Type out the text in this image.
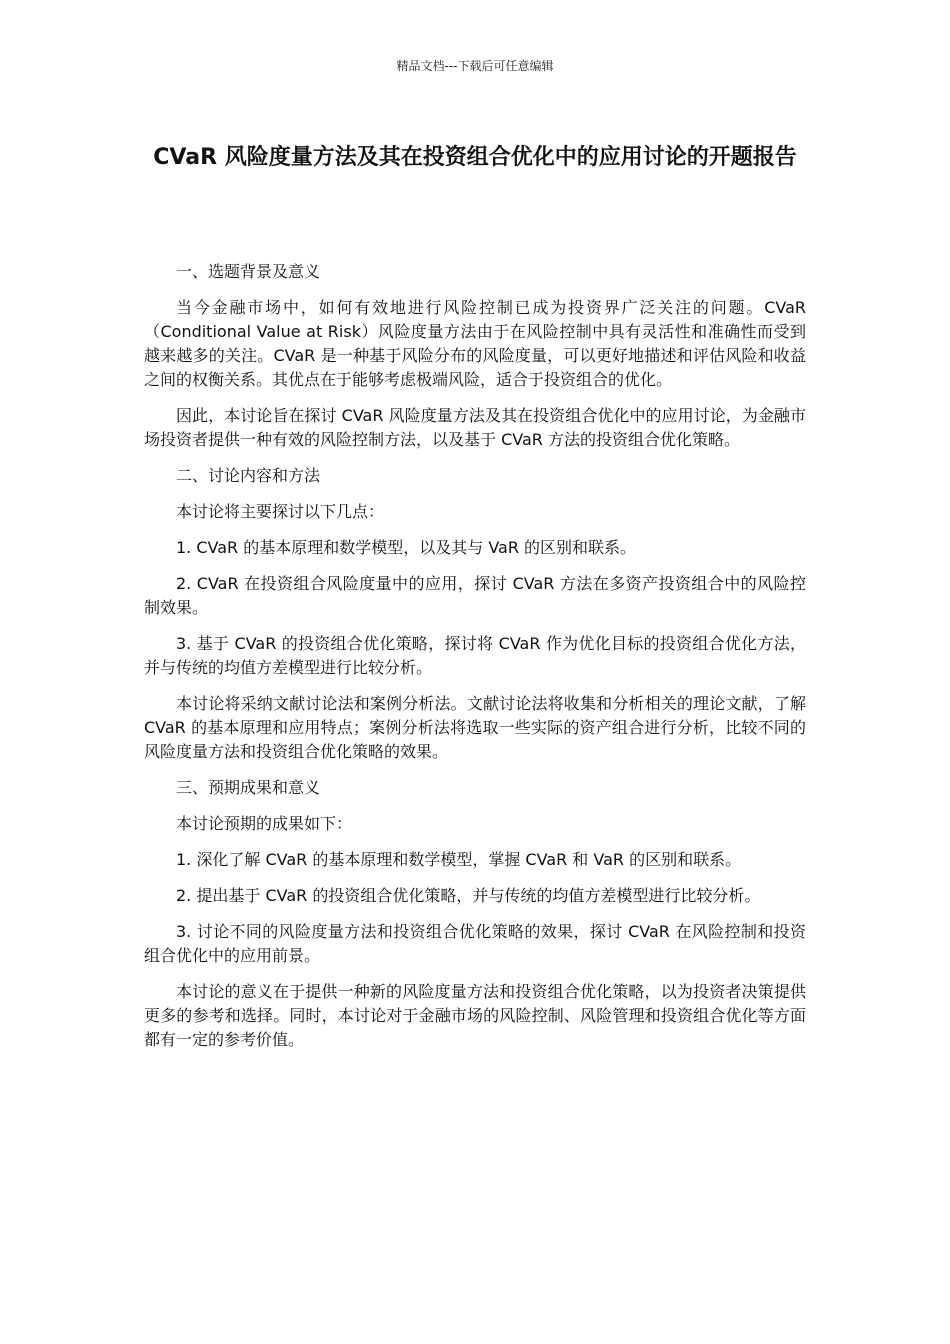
精品文档---下载后可任意编辑
CVaR 风险度量方法及其在投资组合优化中的应用讨论的开题报告

一、选题背景及意义

当今金融市场中，如何有效地进行风险控制已成为投资界广泛关注的问题。CVaR（Conditional Value at Risk）风险度量方法由于在风险控制中具有灵活性和准确性而受到越来越多的关注。CVaR 是一种基于风险分布的风险度量，可以更好地描述和评估风险和收益之间的权衡关系。其优点在于能够考虑极端风险，适合于投资组合的优化。

因此，本讨论旨在探讨 CVaR 风险度量方法及其在投资组合优化中的应用讨论，为金融市场投资者提供一种有效的风险控制方法，以及基于 CVaR 方法的投资组合优化策略。

二、讨论内容和方法

本讨论将主要探讨以下几点：

1. CVaR 的基本原理和数学模型，以及其与 VaR 的区别和联系。

2. CVaR 在投资组合风险度量中的应用，探讨 CVaR 方法在多资产投资组合中的风险控制效果。

3. 基于 CVaR 的投资组合优化策略，探讨将 CVaR 作为优化目标的投资组合优化方法，并与传统的均值方差模型进行比较分析。

本讨论将采纳文献讨论法和案例分析法。文献讨论法将收集和分析相关的理论文献，了解 CVaR 的基本原理和应用特点；案例分析法将选取一些实际的资产组合进行分析，比较不同的风险度量方法和投资组合优化策略的效果。

三、预期成果和意义

本讨论预期的成果如下：

1. 深化了解 CVaR 的基本原理和数学模型，掌握 CVaR 和 VaR 的区别和联系。

2. 提出基于 CVaR 的投资组合优化策略，并与传统的均值方差模型进行比较分析。

3. 讨论不同的风险度量方法和投资组合优化策略的效果，探讨 CVaR 在风险控制和投资组合优化中的应用前景。

本讨论的意义在于提供一种新的风险度量方法和投资组合优化策略，以为投资者决策提供更多的参考和选择。同时，本讨论对于金融市场的风险控制、风险管理和投资组合优化等方面都有一定的参考价值。
